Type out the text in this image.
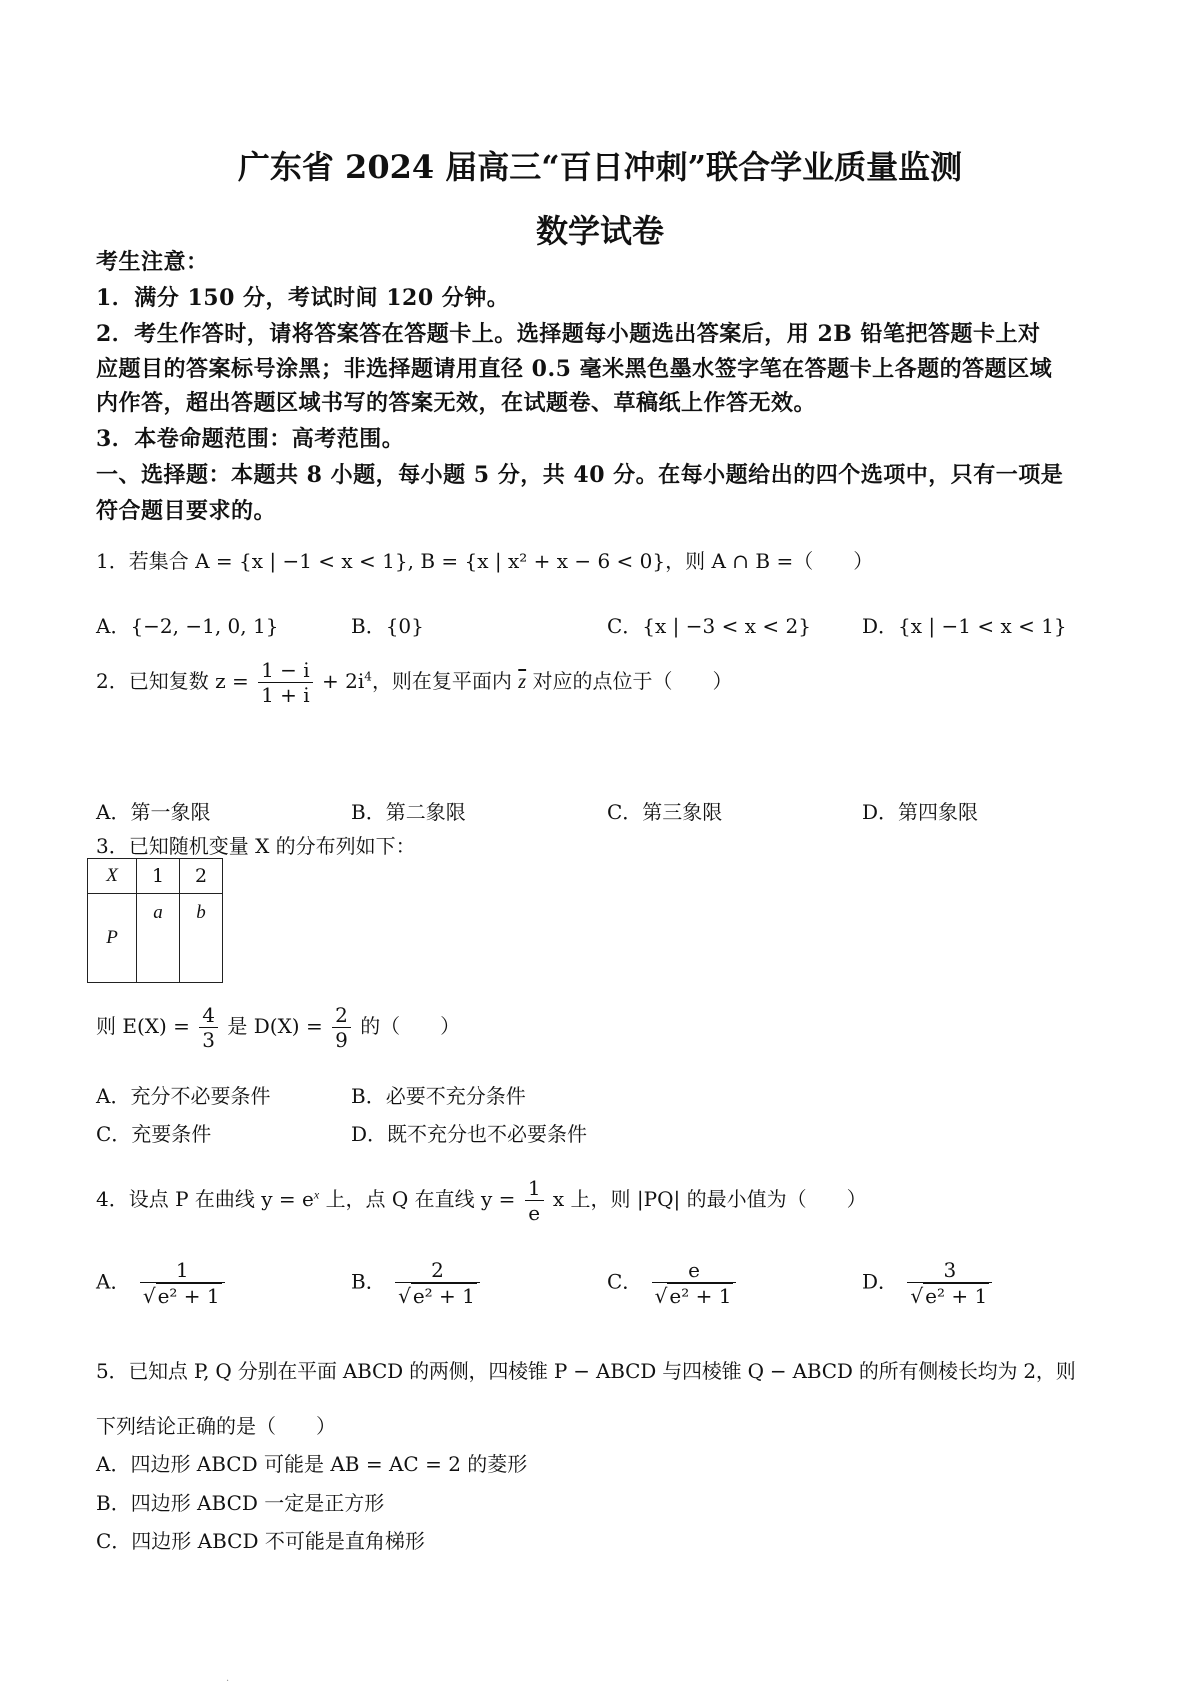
广东省 2024 届高三“百日冲刺”联合学业质量监测
数学试卷
考生注意：
1．满分 150 分，考试时间 120 分钟。
2．考生作答时，请将答案答在答题卡上。选择题每小题选出答案后，用 2B 铅笔把答题卡上对
应题目的答案标号涂黑；非选择题请用直径 0.5 毫米黑色墨水签字笔在答题卡上各题的答题区域
内作答，超出答题区域书写的答案无效，在试题卷、草稿纸上作答无效。
3．本卷命题范围：高考范围。
一、选择题：本题共 8 小题，每小题 5 分，共 40 分。在每小题给出的四个选项中，只有一项是
符合题目要求的。
1．若集合 A = {x | −1 < x < 1}, B = {x | x² + x − 6 < 0}，则 A ∩ B =（　　）
A．{−2, −1, 0, 1}	B．{0}	C．{x | −3 < x < 2}	D．{x | −1 < x < 1}
2．已知复数 $z = \frac{1 - i}{1 + i} + 2i^4$，则在复平面内 $\overline{z}$ 对应的点位于（　　）
A．第一象限	B．第二象限	C．第三象限	D．第四象限
3．已知随机变量 X 的分布列如下：
X	1	2
P	a	b
则 $E(X) = \frac{4}{3}$ 是 $D(X) = \frac{2}{9}$ 的（　　）
A．充分不必要条件	B．必要不充分条件
C．充要条件	D．既不充分也不必要条件
4．设点 P 在曲线 $y = e^x$ 上，点 Q 在直线 $y = \frac{1}{e}$ x 上，则 |PQ| 的最小值为（　　）
A． $\frac{1}{\text{√ e² + 1}}$	B． $\frac{2}{\text{√ e² + 1}}$	C． $\frac{e}{\text{√ e² + 1}}$	D． $\frac{3}{\text{√ e² + 1}}$
5．已知点 P, Q 分别在平面 ABCD 的两侧，四棱锥 P − ABCD 与四棱锥 Q − ABCD 的所有侧棱长均为 2，则
下列结论正确的是（　　）
A．四边形 ABCD 可能是 AB = AC = 2 的菱形
B．四边形 ABCD 一定是正方形
C．四边形 ABCD 不可能是直角梯形
·
